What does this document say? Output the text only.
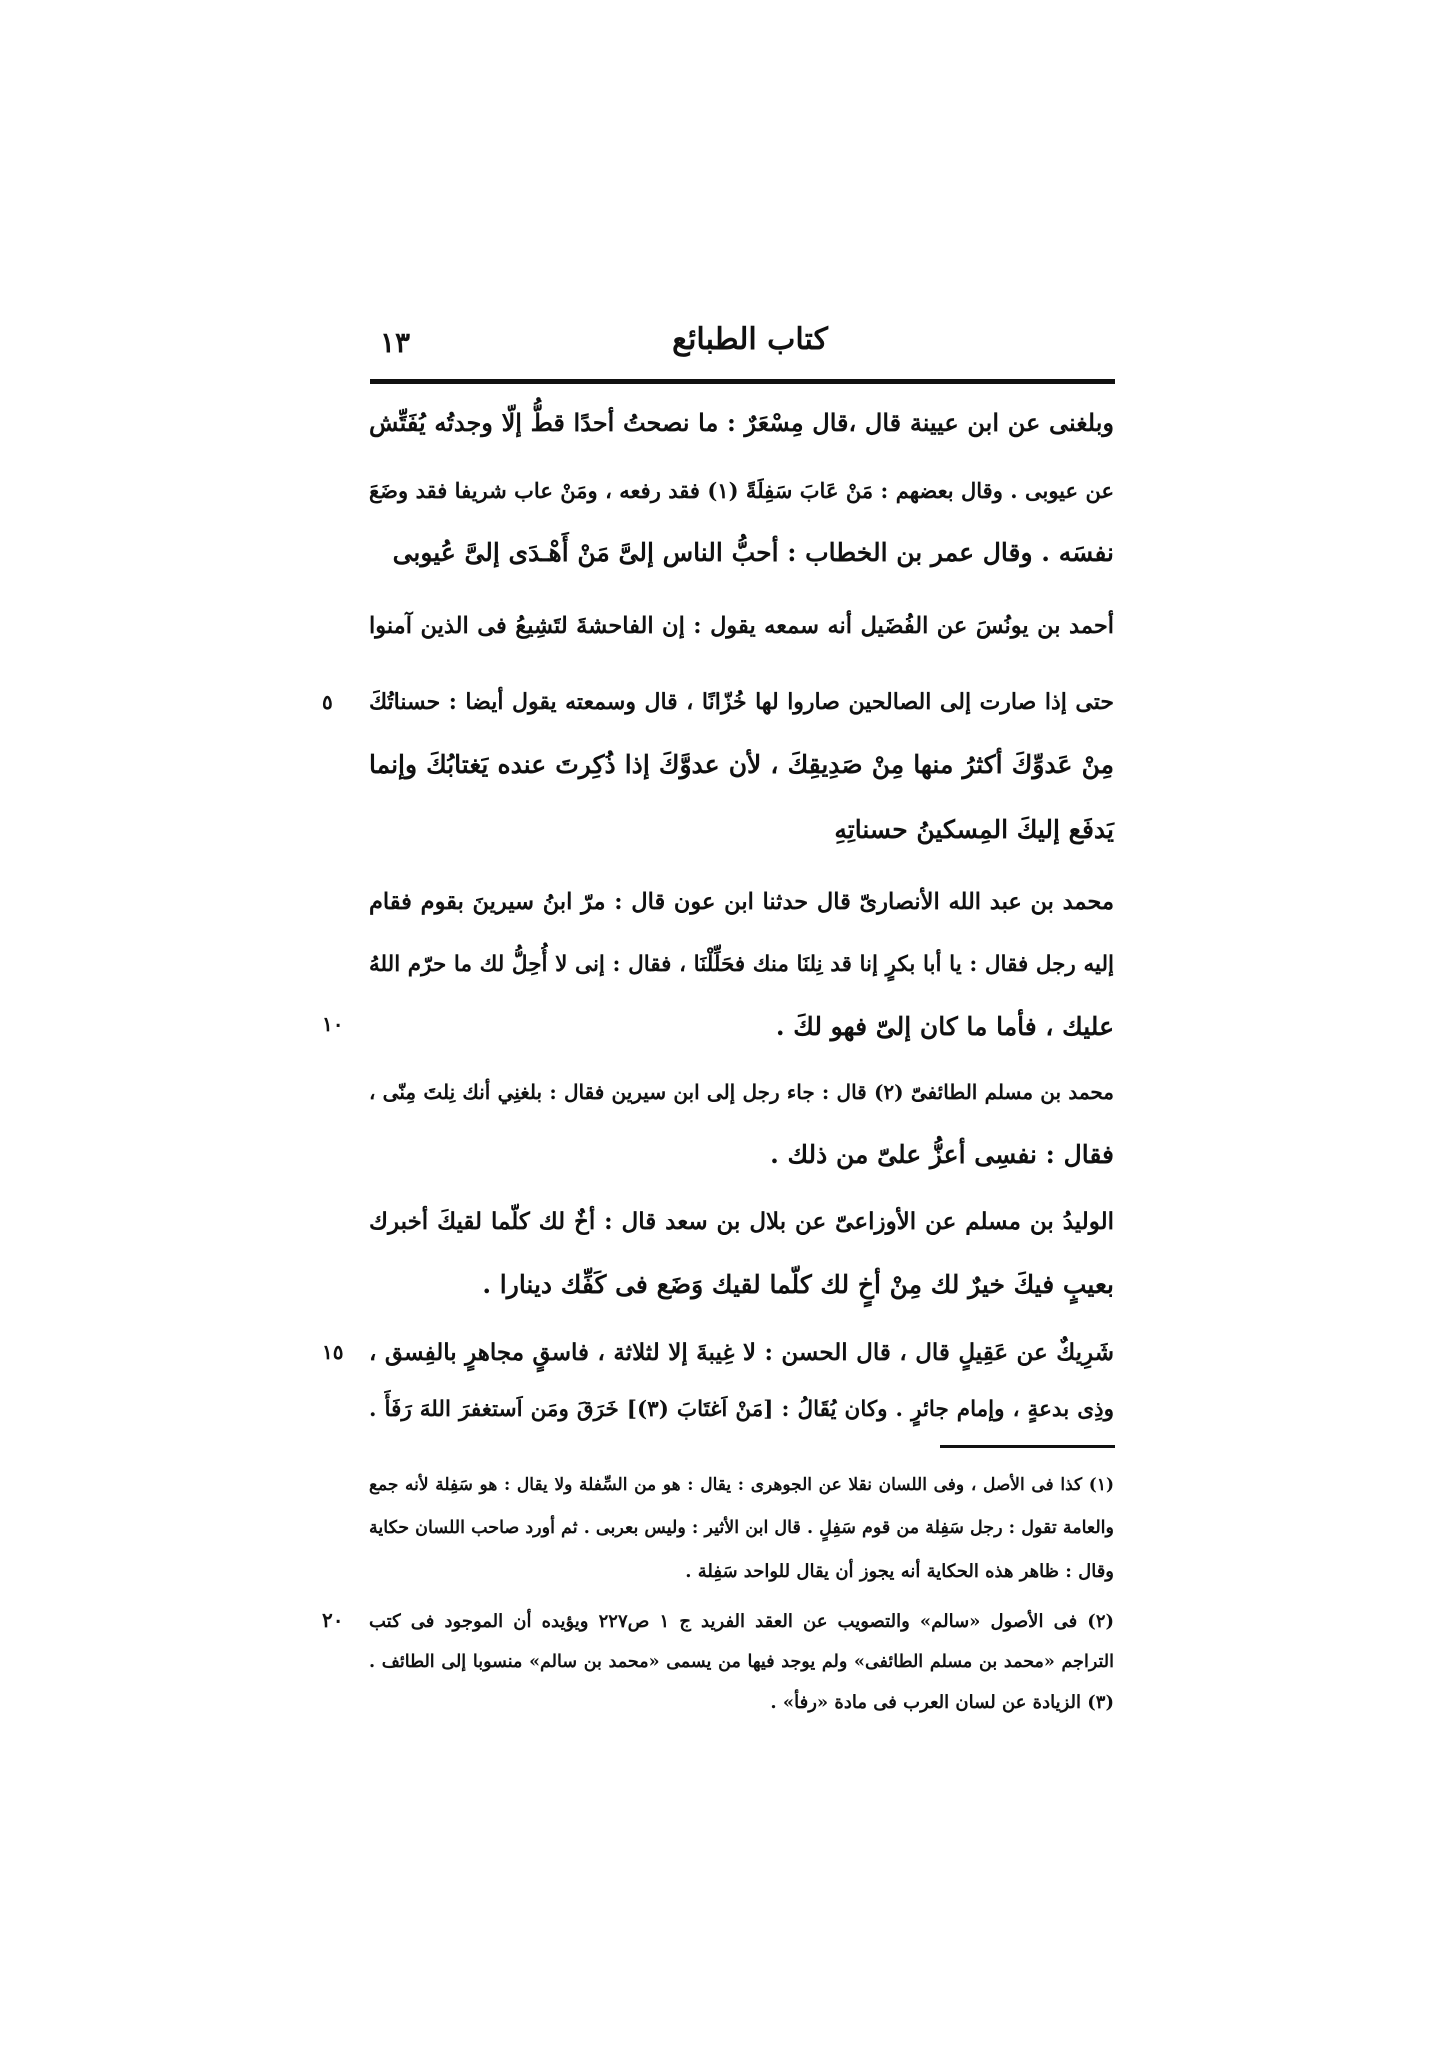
كتاب الطبائع
١٣
وبلغنى عن ابن عيينة قال ،قال مِسْعَرٌ : ما نصحتُ أحدًا قطُّ إلّا وجدتُه يُفَتِّش
عن عيوبى . وقال بعضهم : مَنْ عَابَ سَفِلَةً (١) فقد رفعه ، ومَنْ عاب شريفا فقد وضَعَ
نفسَه . وقال عمر بن الخطاب : أحبُّ الناس إلىَّ مَنْ أَهْـدَى إلىَّ عُيوبى
أحمد بن يونُسَ عن الفُضَيل أنه سمعه يقول : إن الفاحشةَ لتَشِيعُ فى الذين آمنوا
حتى إذا صارت إلى الصالحين صاروا لها خُزّانًا ، قال وسمعته يقول أيضا : حسناتُكَ
مِنْ عَدوِّكَ أكثرُ منها مِنْ صَدِيقِكَ ، لأن عدوَّكَ إذا ذُكِرتَ عنده يَغتابُكَ وإنما
يَدفَع إليكَ المِسكينُ حسناتِهِ
محمد بن عبد الله الأنصارىّ قال حدثنا ابن عون قال : مرّ ابنُ سيرينَ بقوم فقام
إليه رجل فقال : يا أبا بكرٍ إنا قد نِلنَا منك فحَلِّلْنَا ، فقال : إنى لا أُحِلُّ لك ما حرّم اللهُ
عليك ، فأما ما كان إلىّ فهو لكَ .
محمد بن مسلم الطائفىّ (٢) قال : جاء رجل إلى ابن سيرين فقال : بلغنِي أنك نِلتَ مِنّى ،
فقال : نفسِى أعزُّ علىّ من ذلك .
الوليدُ بن مسلم عن الأوزاعىّ عن بلال بن سعد قال : أخٌ لك كلّما لقيكَ أخبرك
بعيبٍ فيكَ خيرٌ لك مِنْ أخٍ لك كلّما لقيك وَضَع فى كَفِّك دينارا .
شَرِيكٌ عن عَقِيلٍ قال ، قال الحسن : لا غِيبةَ إلا لثلاثة ، فاسقٍ مجاهرٍ بالفِسق ،
وذِى بدعةٍ ، وإمام جائرٍ . وكان يُقَالُ : [مَنْ اَغتَابَ (٣)] خَرَقَ ومَن اَستغفرَ اللهَ رَفَأَ .
(١) كذا فى الأصل ، وفى اللسان نقلا عن الجوهرى : يقال : هو من السِّفلة ولا يقال : هو سَفِلة لأنه جمع
والعامة تقول : رجل سَفِلة من قوم سَفِلٍ . قال ابن الأثير : وليس بعربى . ثم أورد صاحب اللسان حكاية
وقال : ظاهر هذه الحكاية أنه يجوز أن يقال للواحد سَفِلة .
(٢) فى الأصول «سالم» والتصويب عن العقد الفريد ج ١ ص٢٢٧ ويؤيده أن الموجود فى كتب
التراجم «محمد بن مسلم الطائفى» ولم يوجد فيها من يسمى «محمد بن سالم» منسوبا إلى الطائف .
(٣) الزيادة عن لسان العرب فى مادة «رفأ» .
٥
١٠
١٥
٢٠
